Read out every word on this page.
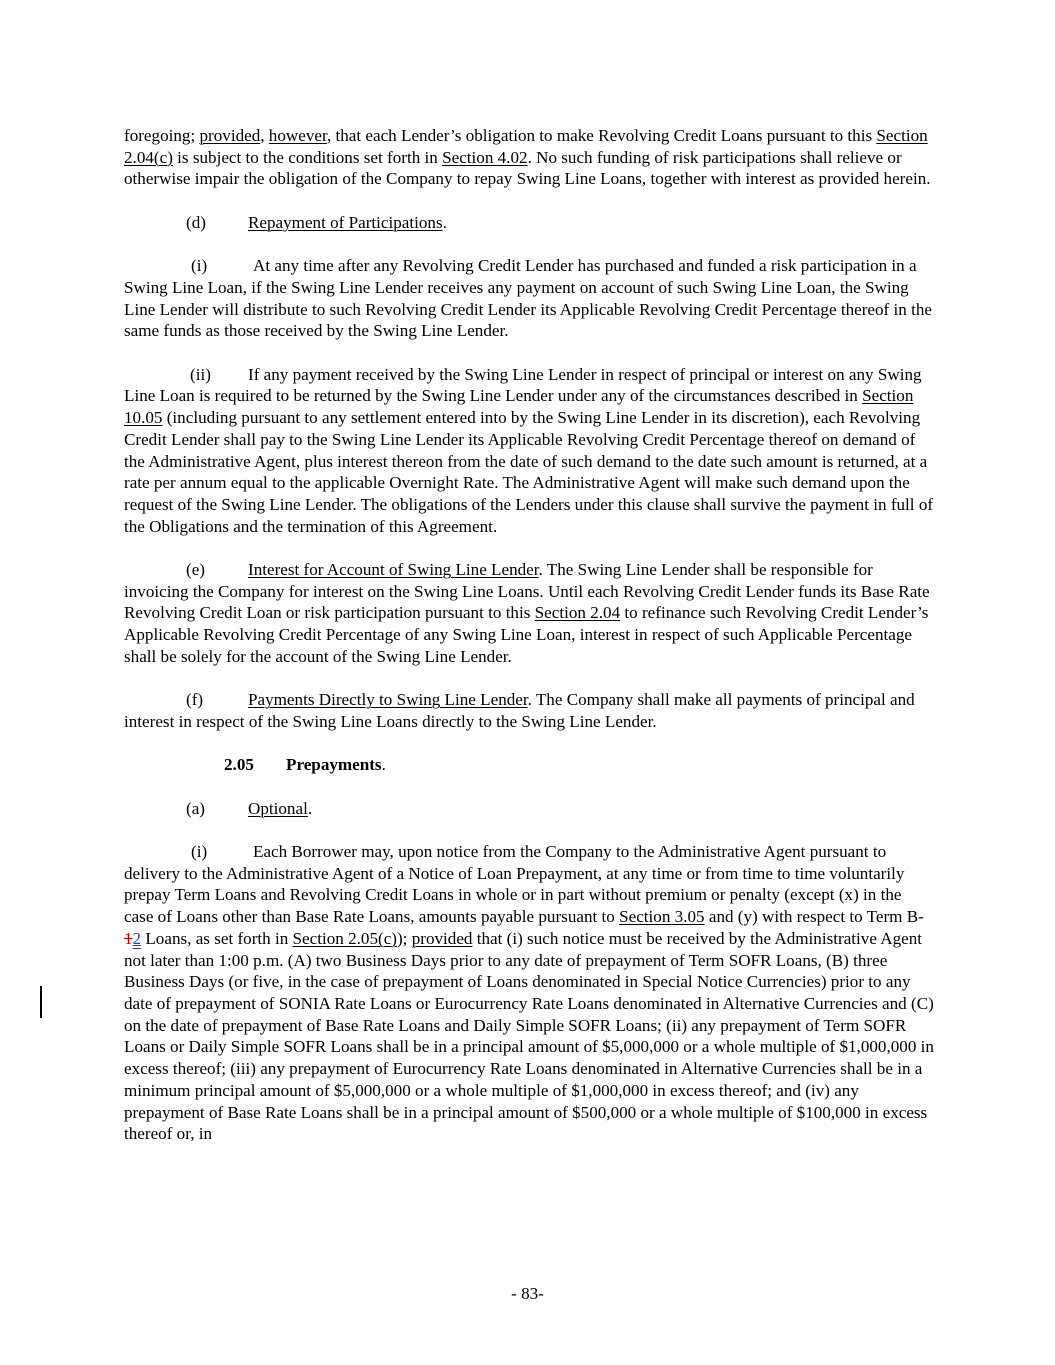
foregoing; provided, however, that each Lender’s obligation to make Revolving Credit Loans pursuant to this Section 2.04(c) is subject to the conditions set forth in Section 4.02. No such funding of risk participations shall relieve or otherwise impair the obligation of the Company to repay Swing Line Loans, together with interest as provided herein.

(d) Repayment of Participations.

(i)	At any time after any Revolving Credit Lender has purchased and funded a risk participation in a Swing Line Loan, if the Swing Line Lender receives any payment on account of such Swing Line Loan, the Swing Line Lender will distribute to such Revolving Credit Lender its Applicable Revolving Credit Percentage thereof in the same funds as those received by the Swing Line Lender.

(ii) If any payment received by the Swing Line Lender in respect of principal or interest on any Swing Line Loan is required to be returned by the Swing Line Lender under any of the circumstances described in Section 10.05 (including pursuant to any settlement entered into by the Swing Line Lender in its discretion), each Revolving Credit Lender shall pay to the Swing Line Lender its Applicable Revolving Credit Percentage thereof on demand of the Administrative Agent, plus interest thereon from the date of such demand to the date such amount is returned, at a rate per annum equal to the applicable Overnight Rate. The Administrative Agent will make such demand upon the request of the Swing Line Lender. The obligations of the Lenders under this clause shall survive the payment in full of the Obligations and the termination of this Agreement.

(e)	Interest for Account of Swing Line Lender. The Swing Line Lender shall be responsible for invoicing the Company for interest on the Swing Line Loans. Until each Revolving Credit Lender funds its Base Rate Revolving Credit Loan or risk participation pursuant to this Section 2.04 to refinance such Revolving Credit Lender’s Applicable Revolving Credit Percentage of any Swing Line Loan, interest in respect of such Applicable Percentage shall be solely for the account of the Swing Line Lender.

(f)	Payments Directly to Swing Line Lender. The Company shall make all payments of principal and interest in respect of the Swing Line Loans directly to the Swing Line Lender.

2.05 Prepayments.

(a)	Optional.

(i)	Each Borrower may, upon notice from the Company to the Administrative Agent pursuant to delivery to the Administrative Agent of a Notice of Loan Prepayment, at any time or from time to time voluntarily prepay Term Loans and Revolving Credit Loans in whole or in part without premium or penalty (except (x) in the case of Loans other than Base Rate Loans, amounts payable pursuant to Section 3.05 and (y) with respect to Term B-12 Loans, as set forth in Section 2.05(c)); provided that (i) such notice must be received by the Administrative Agent not later than 1:00 p.m. (A) two Business Days prior to any date of prepayment of Term SOFR Loans, (B) three Business Days (or five, in the case of prepayment of Loans denominated in Special Notice Currencies) prior to any date of prepayment of SONIA Rate Loans or Eurocurrency Rate Loans denominated in Alternative Currencies and (C) on the date of prepayment of Base Rate Loans and Daily Simple SOFR Loans; (ii) any prepayment of Term SOFR Loans or Daily Simple SOFR Loans shall be in a principal amount of $5,000,000 or a whole multiple of $1,000,000 in excess thereof; (iii) any prepayment of Eurocurrency Rate Loans denominated in Alternative Currencies shall be in a minimum principal amount of $5,000,000 or a whole multiple of $1,000,000 in excess thereof; and (iv) any prepayment of Base Rate Loans shall be in a principal amount of $500,000 or a whole multiple of $100,000 in excess thereof or, in

- 83-
